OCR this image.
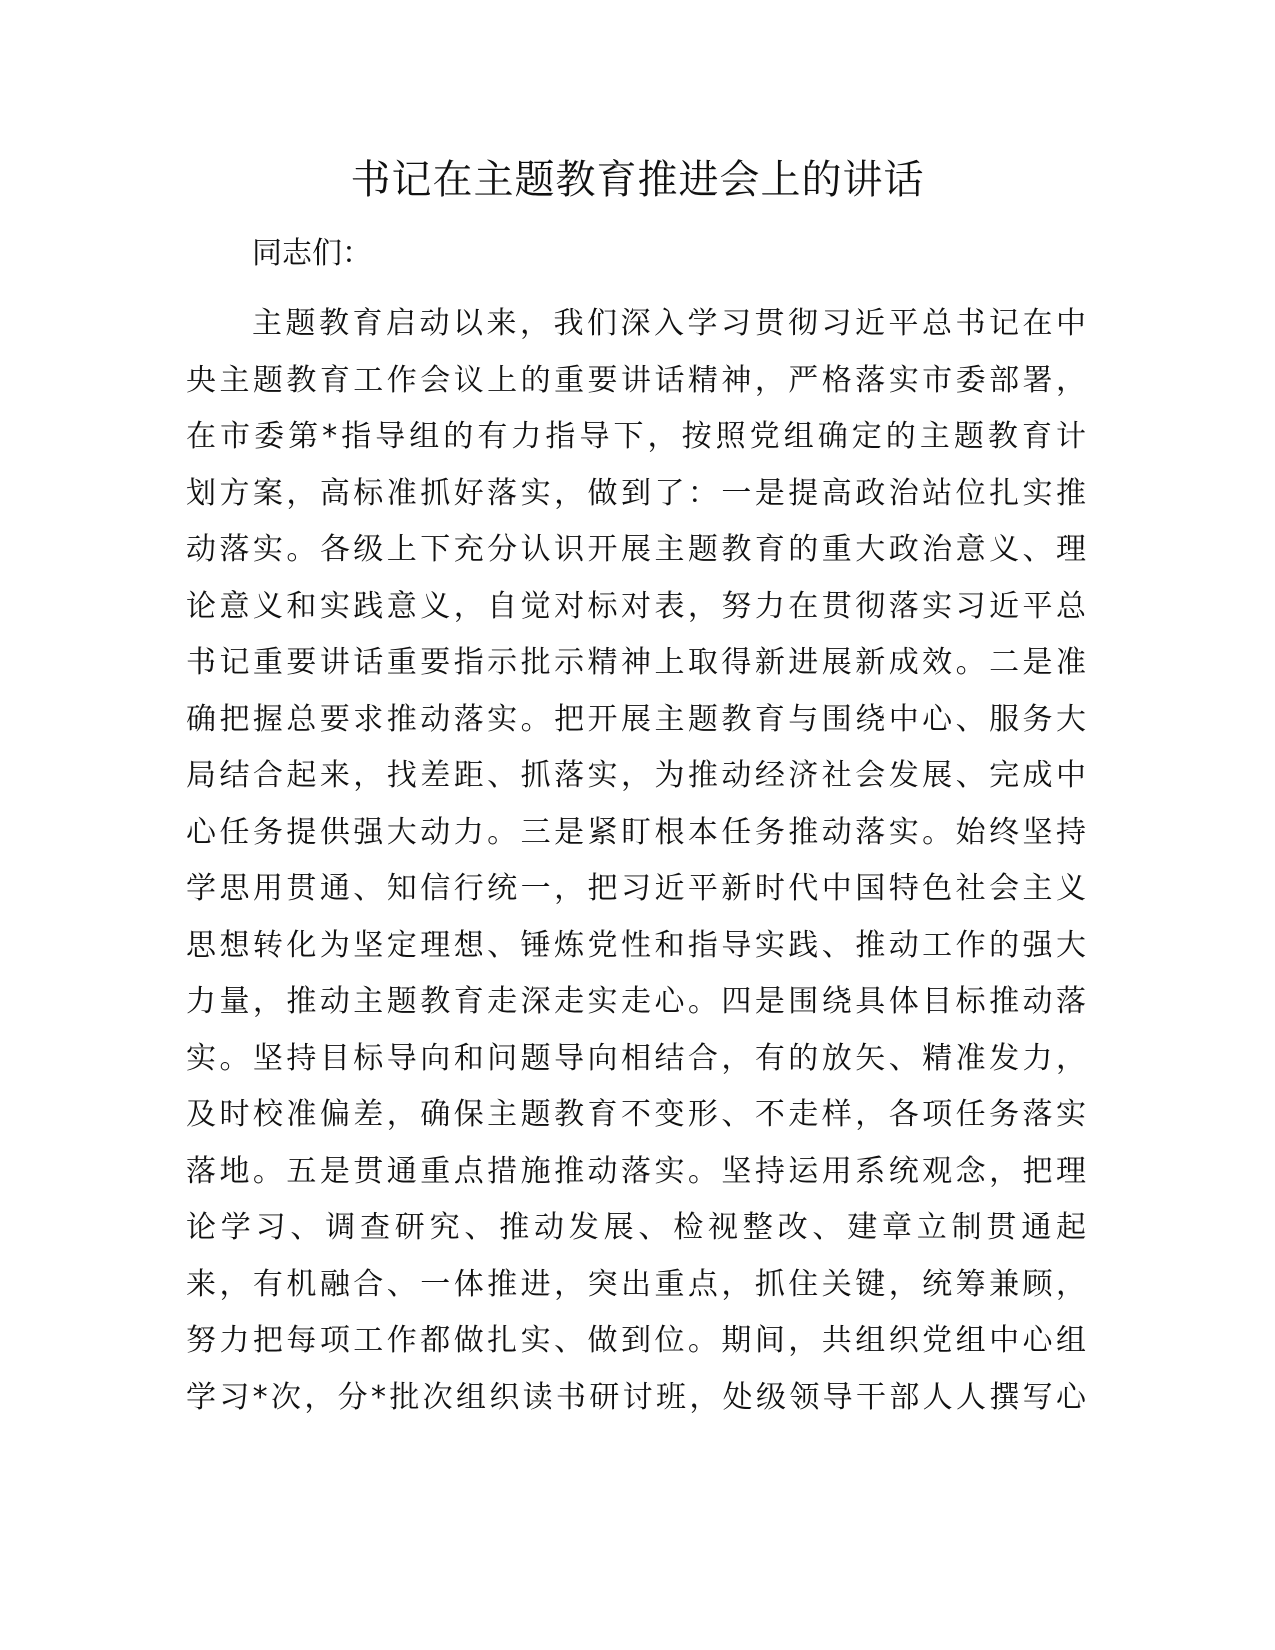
书记在主题教育推进会上的讲话

同志们：

主题教育启动以来，我们深入学习贯彻习近平总书记在中
央主题教育工作会议上的重要讲话精神，严格落实市委部署，
在市委第*指导组的有力指导下，按照党组确定的主题教育计
划方案，高标准抓好落实，做到了：一是提高政治站位扎实推
动落实。各级上下充分认识开展主题教育的重大政治意义、理
论意义和实践意义，自觉对标对表，努力在贯彻落实习近平总
书记重要讲话重要指示批示精神上取得新进展新成效。二是准
确把握总要求推动落实。把开展主题教育与围绕中心、服务大
局结合起来，找差距、抓落实，为推动经济社会发展、完成中
心任务提供强大动力。三是紧盯根本任务推动落实。始终坚持
学思用贯通、知信行统一，把习近平新时代中国特色社会主义
思想转化为坚定理想、锤炼党性和指导实践、推动工作的强大
力量，推动主题教育走深走实走心。四是围绕具体目标推动落
实。坚持目标导向和问题导向相结合，有的放矢、精准发力，
及时校准偏差，确保主题教育不变形、不走样，各项任务落实
落地。五是贯通重点措施推动落实。坚持运用系统观念，把理
论学习、调查研究、推动发展、检视整改、建章立制贯通起
来，有机融合、一体推进，突出重点，抓住关键，统筹兼顾，
努力把每项工作都做扎实、做到位。期间，共组织党组中心组
学习*次，分*批次组织读书研讨班，处级领导干部人人撰写心
